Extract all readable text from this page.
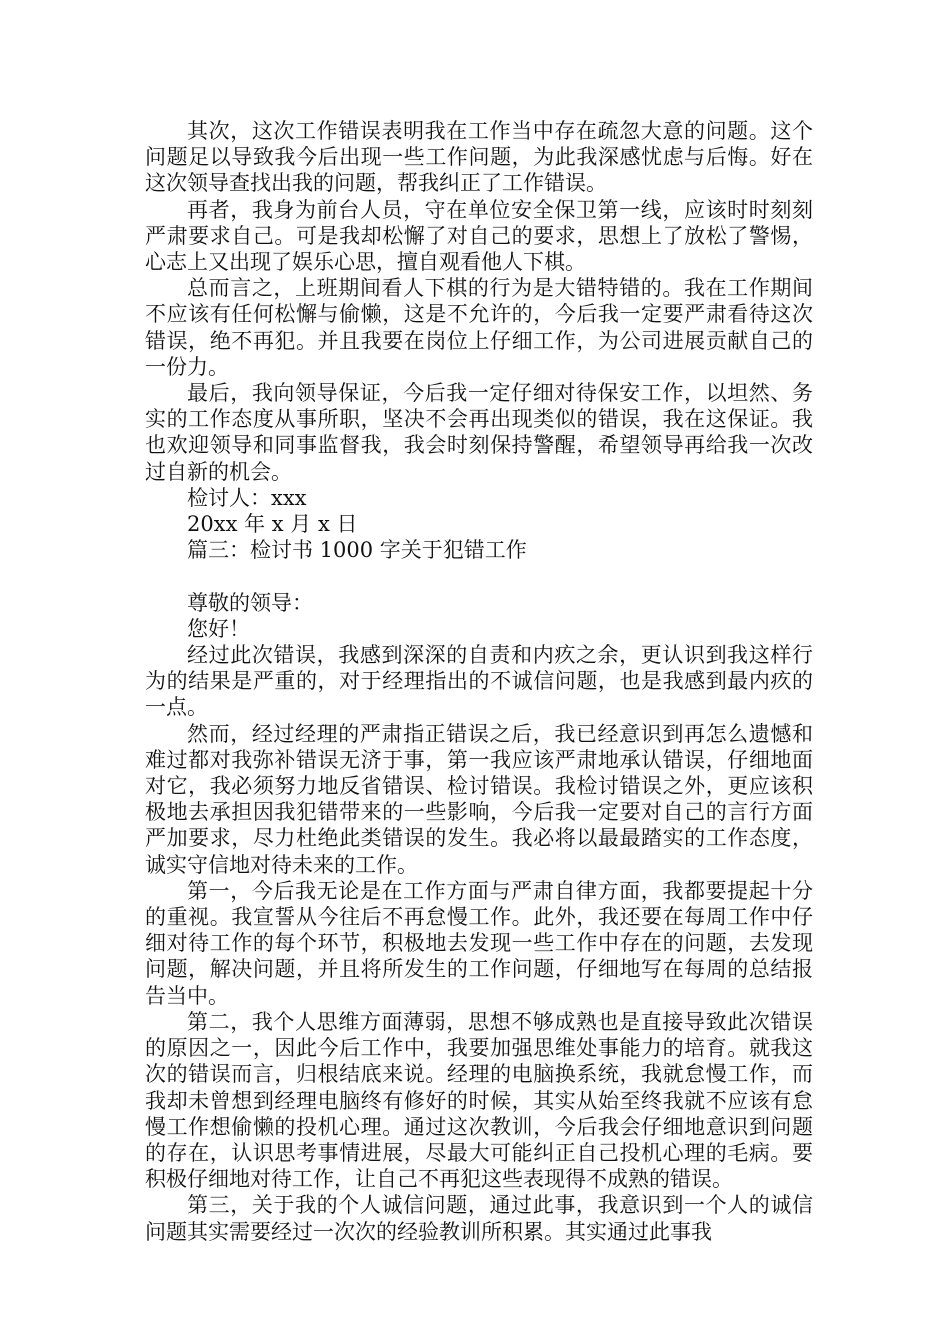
其次，这次工作错误表明我在工作当中存在疏忽大意的问题。这个问题足以导致我今后出现一些工作问题，为此我深感忧虑与后悔。好在这次领导查找出我的问题，帮我纠正了工作错误。

再者，我身为前台人员，守在单位安全保卫第一线，应该时时刻刻严肃要求自己。可是我却松懈了对自己的要求，思想上了放松了警惕，心志上又出现了娱乐心思，擅自观看他人下棋。

总而言之，上班期间看人下棋的行为是大错特错的。我在工作期间不应该有任何松懈与偷懒，这是不允许的，今后我一定要严肃看待这次错误，绝不再犯。并且我要在岗位上仔细工作，为公司进展贡献自己的一份力。

最后，我向领导保证，今后我一定仔细对待保安工作，以坦然、务实的工作态度从事所职，坚决不会再出现类似的错误，我在这保证。我也欢迎领导和同事监督我，我会时刻保持警醒，希望领导再给我一次改过自新的机会。

检讨人：xxx

20xx 年 x 月 x 日

篇三：检讨书 1000 字关于犯错工作

尊敬的领导：

您好！

经过此次错误，我感到深深的自责和内疚之余，更认识到我这样行为的结果是严重的，对于经理指出的不诚信问题，也是我感到最内疚的一点。

然而，经过经理的严肃指正错误之后，我已经意识到再怎么遗憾和难过都对我弥补错误无济于事，第一我应该严肃地承认错误，仔细地面对它，我必须努力地反省错误、检讨错误。我检讨错误之外，更应该积极地去承担因我犯错带来的一些影响，今后我一定要对自己的言行方面严加要求，尽力杜绝此类错误的发生。我必将以最最踏实的工作态度，诚实守信地对待未来的工作。

第一，今后我无论是在工作方面与严肃自律方面，我都要提起十分的重视。我宣誓从今往后不再怠慢工作。此外，我还要在每周工作中仔细对待工作的每个环节，积极地去发现一些工作中存在的问题，去发现问题，解决问题，并且将所发生的工作问题，仔细地写在每周的总结报告当中。

第二，我个人思维方面薄弱，思想不够成熟也是直接导致此次错误的原因之一，因此今后工作中，我要加强思维处事能力的培育。就我这次的错误而言，归根结底来说。经理的电脑换系统，我就怠慢工作，而我却未曾想到经理电脑终有修好的时候，其实从始至终我就不应该有怠慢工作想偷懒的投机心理。通过这次教训，今后我会仔细地意识到问题的存在，认识思考事情进展，尽最大可能纠正自己投机心理的毛病。要积极仔细地对待工作，让自己不再犯这些表现得不成熟的错误。

第三，关于我的个人诚信问题，通过此事，我意识到一个人的诚信问题其实需要经过一次次的经验教训所积累。其实通过此事我
